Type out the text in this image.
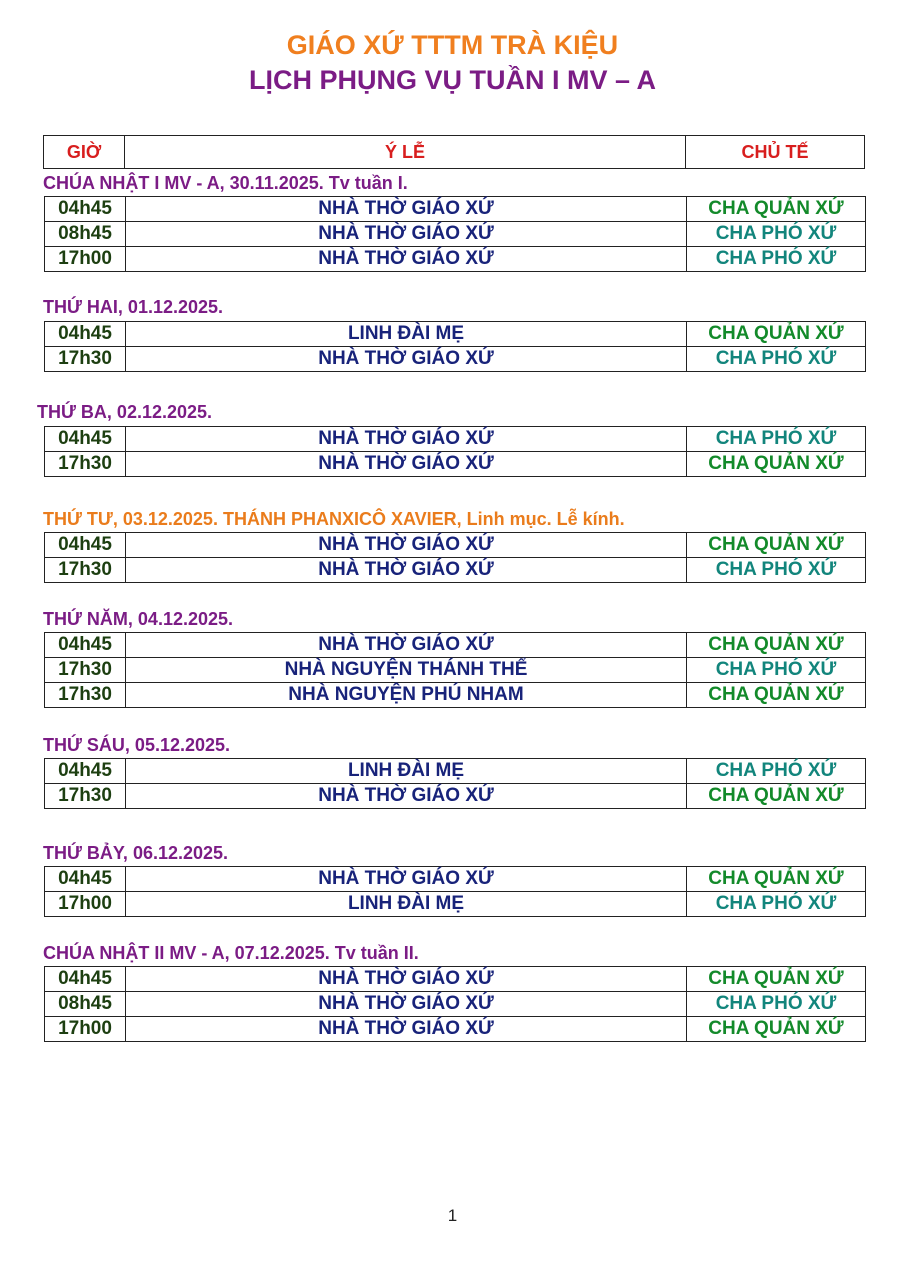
GIÁO XỨ TTTM TRÀ KIỆU
LỊCH PHỤNG VỤ TUẦN I MV – A
GIỜ	Ý LỄ	CHỦ TẾ
CHÚA NHẬT I MV - A, 30.11.2025. Tv tuần I.
04h45	NHÀ THỜ GIÁO XỨ	CHA QUẢN XỨ
08h45	NHÀ THỜ GIÁO XỨ	CHA PHÓ XỨ
17h00	NHÀ THỜ GIÁO XỨ	CHA PHÓ XỨ
THỨ HAI, 01.12.2025.
04h45	LINH ĐÀI MẸ	CHA QUẢN XỨ
17h30	NHÀ THỜ GIÁO XỨ	CHA PHÓ XỨ
THỨ BA, 02.12.2025.
04h45	NHÀ THỜ GIÁO XỨ	CHA PHÓ XỨ
17h30	NHÀ THỜ GIÁO XỨ	CHA QUẢN XỨ
THỨ TƯ, 03.12.2025. THÁNH PHANXICÔ XAVIER, Linh mục. Lễ kính.
04h45	NHÀ THỜ GIÁO XỨ	CHA QUẢN XỨ
17h30	NHÀ THỜ GIÁO XỨ	CHA PHÓ XỨ
THỨ NĂM, 04.12.2025.
04h45	NHÀ THỜ GIÁO XỨ	CHA QUẢN XỨ
17h30	NHÀ NGUYỆN THÁNH THỂ	CHA PHÓ XỨ
17h30	NHÀ NGUYỆN PHÚ NHAM	CHA QUẢN XỨ
THỨ SÁU, 05.12.2025.
04h45	LINH ĐÀI MẸ	CHA PHÓ XỨ
17h30	NHÀ THỜ GIÁO XỨ	CHA QUẢN XỨ
THỨ BẢY, 06.12.2025.
04h45	NHÀ THỜ GIÁO XỨ	CHA QUẢN XỨ
17h00	LINH ĐÀI MẸ	CHA PHÓ XỨ
CHÚA NHẬT II MV - A, 07.12.2025. Tv tuần II.
04h45	NHÀ THỜ GIÁO XỨ	CHA QUẢN XỨ
08h45	NHÀ THỜ GIÁO XỨ	CHA PHÓ XỨ
17h00	NHÀ THỜ GIÁO XỨ	CHA QUẢN XỨ
1
